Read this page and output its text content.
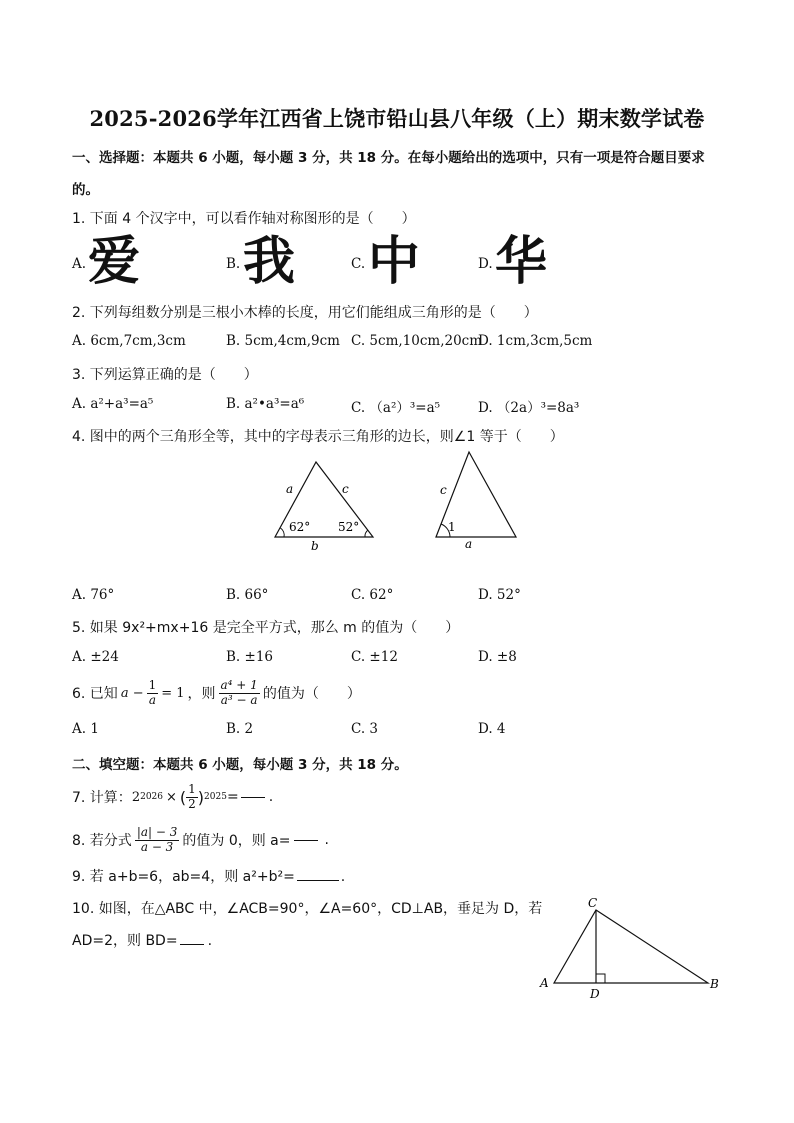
2025-2026学年江西省上饶市铅山县八年级（上）期末数学试卷
一、选择题：本题共 6 小题，每小题 3 分，共 18 分。在每小题给出的选项中，只有一项是符合题目要求
的。
1. 下面 4 个汉字中，可以看作轴对称图形的是（　　）
A. 爱	B. 我	C. 中	D. 华
2. 下列每组数分别是三根小木棒的长度，用它们能组成三角形的是（　　）
A. 6cm,7cm,3cm	B. 5cm,4cm,9cm C. 5cm,10cm,20cm
D. 1cm,3cm,5cm
3. 下列运算正确的是（　　）
A. a²+a³=a⁵	B. a²•a³=a⁶	C. （a²）³=a⁵	D. （2a）³=8a³
4. 图中的两个三角形全等，其中的字母表示三角形的边长，则∠1 等于（　　）
a	c
b
62° 52°
c
a
1
A. 76°	B. 66°	C. 62°	D. 52°
5. 如果 9x²+mx+16 是完全平方式，那么 m 的值为（　　）
A. ±24	B. ±16	C. ±12	D. ±8
6. 已知 $a - \frac{1}{a} = 1$ ，则 $\frac{\text{a⁴ + 1}}{\text{a³ − a}}$ 的值为（　　）
A. 1	B. 2	C. 3	D. 4
二、填空题：本题共 6 小题，每小题 3 分，共 18 分。
7. 计算： 2 2026 × ( $\frac{1}{2}$ ) 2025 = .
8. 若分式 $\frac{|a| - 3}{a - 3}$ 的值为 0，则 a= .
9. 若 a+b=6，ab=4，则 a²+b²=	.
10. 如图，在△ABC 中，∠ACB=90°，∠A=60°，CD⊥AB，垂足为 D，若
AD=2，则 BD= .
C
A	B
D
